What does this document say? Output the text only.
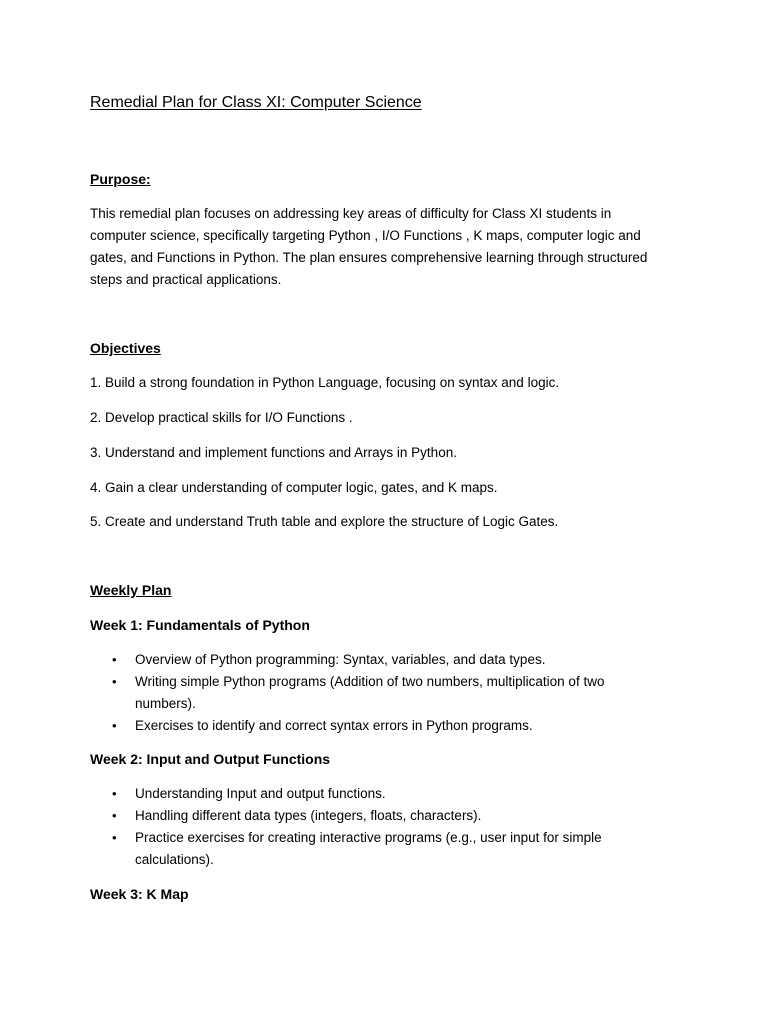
Remedial Plan for Class XI: Computer Science
Purpose:

This remedial plan focuses on addressing key areas of difficulty for Class XI students in computer science, specifically targeting Python , I/O Functions , K maps, computer logic and gates, and Functions in Python. The plan ensures comprehensive learning through structured steps and practical applications.

Objectives

1. Build a strong foundation in Python Language, focusing on syntax and logic.

2. Develop practical skills for I/O Functions .

3. Understand and implement functions and Arrays in Python.

4. Gain a clear understanding of computer logic, gates, and K maps.

5. Create and understand Truth table and explore the structure of Logic Gates.

Weekly Plan
Week 1: Fundamentals of Python
• Overview of Python programming: Syntax, variables, and data types.
• Writing simple Python programs (Addition of two numbers, multiplication of two numbers).
• Exercises to identify and correct syntax errors in Python programs.
Week 2: Input and Output Functions
• Understanding Input and output functions.
• Handling different data types (integers, floats, characters).
• Practice exercises for creating interactive programs (e.g., user input for simple calculations).
Week 3: K Map
